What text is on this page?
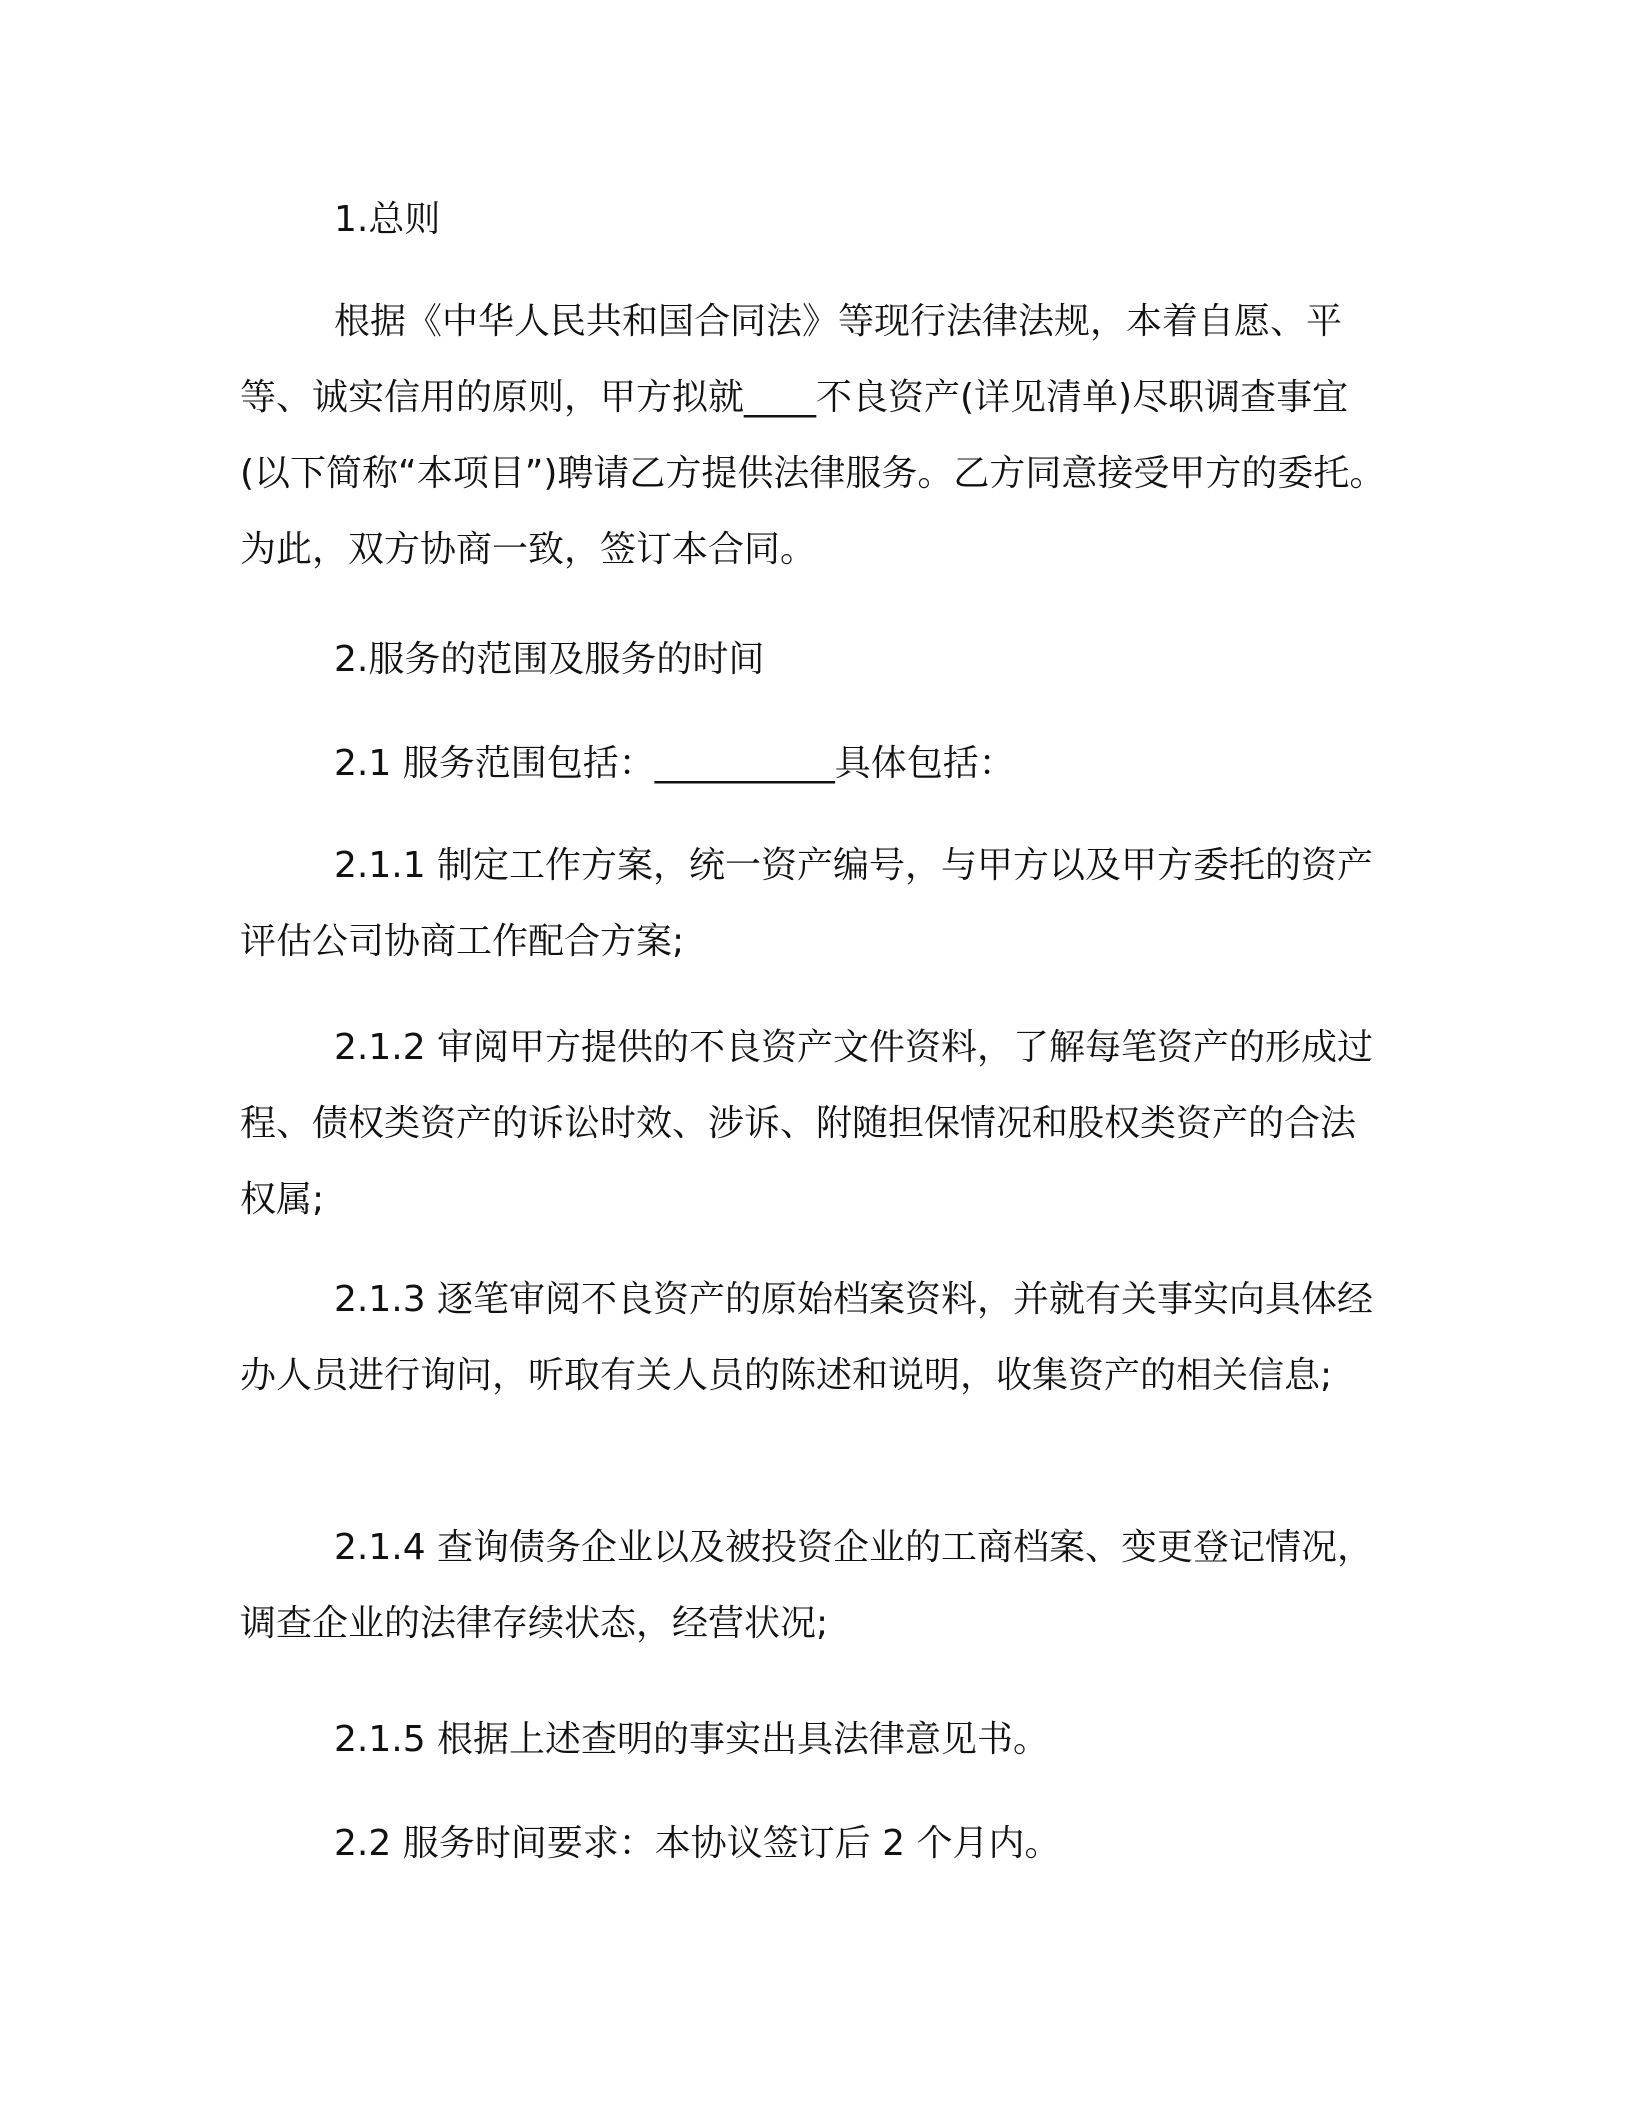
1.总则

根据《中华人民共和国合同法》等现行法律法规，本着自愿、平等、诚实信用的原则，甲方拟就____不良资产(详见清单)尽职调查事宜(以下简称“本项目”)聘请乙方提供法律服务。乙方同意接受甲方的委托。为此，双方协商一致，签订本合同。

2.服务的范围及服务的时间

2.1 服务范围包括：__________具体包括：

2.1.1 制定工作方案，统一资产编号，与甲方以及甲方委托的资产评估公司协商工作配合方案;

2.1.2 审阅甲方提供的不良资产文件资料，了解每笔资产的形成过程、债权类资产的诉讼时效、涉诉、附随担保情况和股权类资产的合法权属;

2.1.3 逐笔审阅不良资产的原始档案资料，并就有关事实向具体经办人员进行询问，听取有关人员的陈述和说明，收集资产的相关信息;

2.1.4 查询债务企业以及被投资企业的工商档案、变更登记情况，调查企业的法律存续状态，经营状况;

2.1.5 根据上述查明的事实出具法律意见书。

2.2 服务时间要求：本协议签订后 2 个月内。
